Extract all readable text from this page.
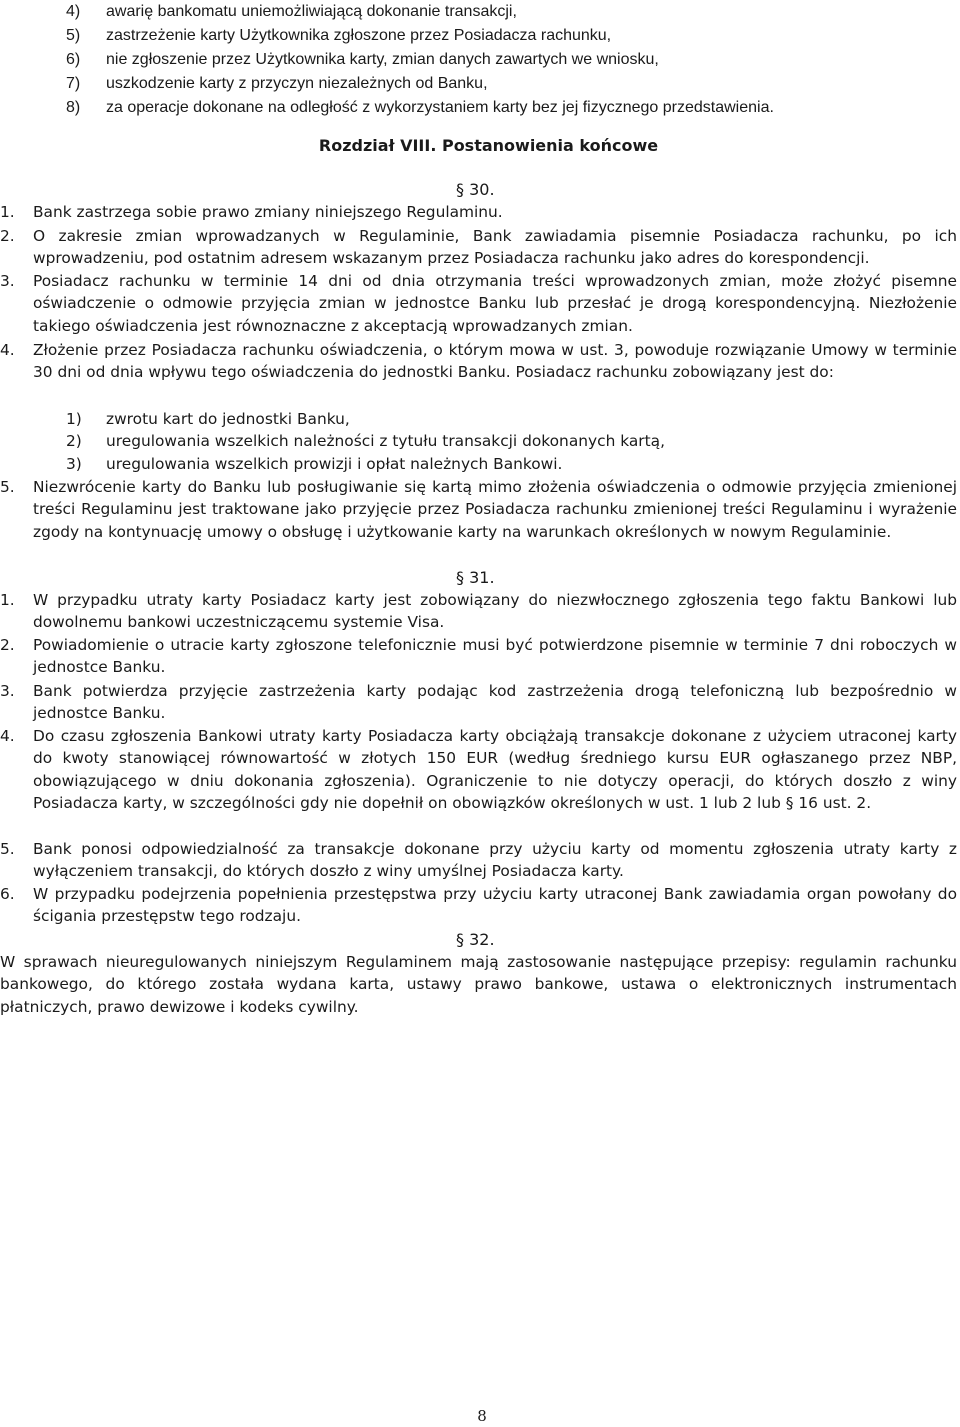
4) awarię bankomatu uniemożliwiającą dokonanie transakcji,
5) zastrzeżenie karty Użytkownika zgłoszone przez Posiadacza rachunku,
6) nie zgłoszenie przez Użytkownika karty, zmian danych zawartych we wniosku,
7) uszkodzenie karty z przyczyn niezależnych od Banku,
8) za operacje dokonane na odległość z wykorzystaniem karty bez jej fizycznego przedstawienia.
Rozdział VIII. Postanowienia końcowe
§ 30.
1. Bank zastrzega sobie prawo zmiany niniejszego Regulaminu.
2. O zakresie zmian wprowadzanych w Regulaminie, Bank zawiadamia pisemnie Posiadacza rachunku, po ich wprowadzeniu, pod ostatnim adresem wskazanym przez Posiadacza rachunku jako adres do korespondencji.
3. Posiadacz rachunku w terminie 14 dni od dnia otrzymania treści wprowadzonych zmian, może złożyć pisemne oświadczenie o odmowie przyjęcia zmian w jednostce Banku lub przesłać je drogą korespondencyjną. Niezłożenie takiego oświadczenia jest równoznaczne z akceptacją wprowadzanych zmian.
4. Złożenie przez Posiadacza rachunku oświadczenia, o którym mowa w ust. 3, powoduje rozwiązanie Umowy w terminie 30 dni od dnia wpływu tego oświadczenia do jednostki Banku. Posiadacz rachunku zobowiązany jest do:
1) zwrotu kart do jednostki Banku,
2) uregulowania wszelkich należności z tytułu transakcji dokonanych kartą,
3) uregulowania wszelkich prowizji i opłat należnych Bankowi.
5. Niezwrócenie karty do Banku lub posługiwanie się kartą mimo złożenia oświadczenia o odmowie przyjęcia zmienionej treści Regulaminu jest traktowane jako przyjęcie przez Posiadacza rachunku zmienionej treści Regulaminu i wyrażenie zgody na kontynuację umowy o obsługę i użytkowanie karty na warunkach określonych w nowym Regulaminie.
§ 31.
1. W przypadku utraty karty Posiadacz karty jest zobowiązany do niezwłocznego zgłoszenia tego faktu Bankowi lub dowolnemu bankowi uczestniczącemu systemie Visa.
2. Powiadomienie o utracie karty zgłoszone telefonicznie musi być potwierdzone pisemnie w terminie 7 dni roboczych w jednostce Banku.
3. Bank potwierdza przyjęcie zastrzeżenia karty podając kod zastrzeżenia drogą telefoniczną lub bezpośrednio w jednostce Banku.
4. Do czasu zgłoszenia Bankowi utraty karty Posiadacza karty obciążają transakcje dokonane z użyciem utraconej karty do kwoty stanowiącej równowartość w złotych 150 EUR (według średniego kursu EUR ogłaszanego przez NBP, obowiązującego w dniu dokonania zgłoszenia). Ograniczenie to nie dotyczy operacji, do których doszło z winy Posiadacza karty, w szczególności gdy nie dopełnił on obowiązków określonych w ust. 1 lub 2 lub § 16 ust. 2.
5. Bank ponosi odpowiedzialność za transakcje dokonane przy użyciu karty od momentu zgłoszenia utraty karty z wyłączeniem transakcji, do których doszło z winy umyślnej Posiadacza karty.
6. W przypadku podejrzenia popełnienia przestępstwa przy użyciu karty utraconej Bank zawiadamia organ powołany do ścigania przestępstw tego rodzaju.
§ 32.
W sprawach nieuregulowanych niniejszym Regulaminem mają zastosowanie następujące przepisy: regulamin rachunku bankowego, do którego została wydana karta, ustawy prawo bankowe, ustawa o elektronicznych instrumentach płatniczych, prawo dewizowe i kodeks cywilny.
8
